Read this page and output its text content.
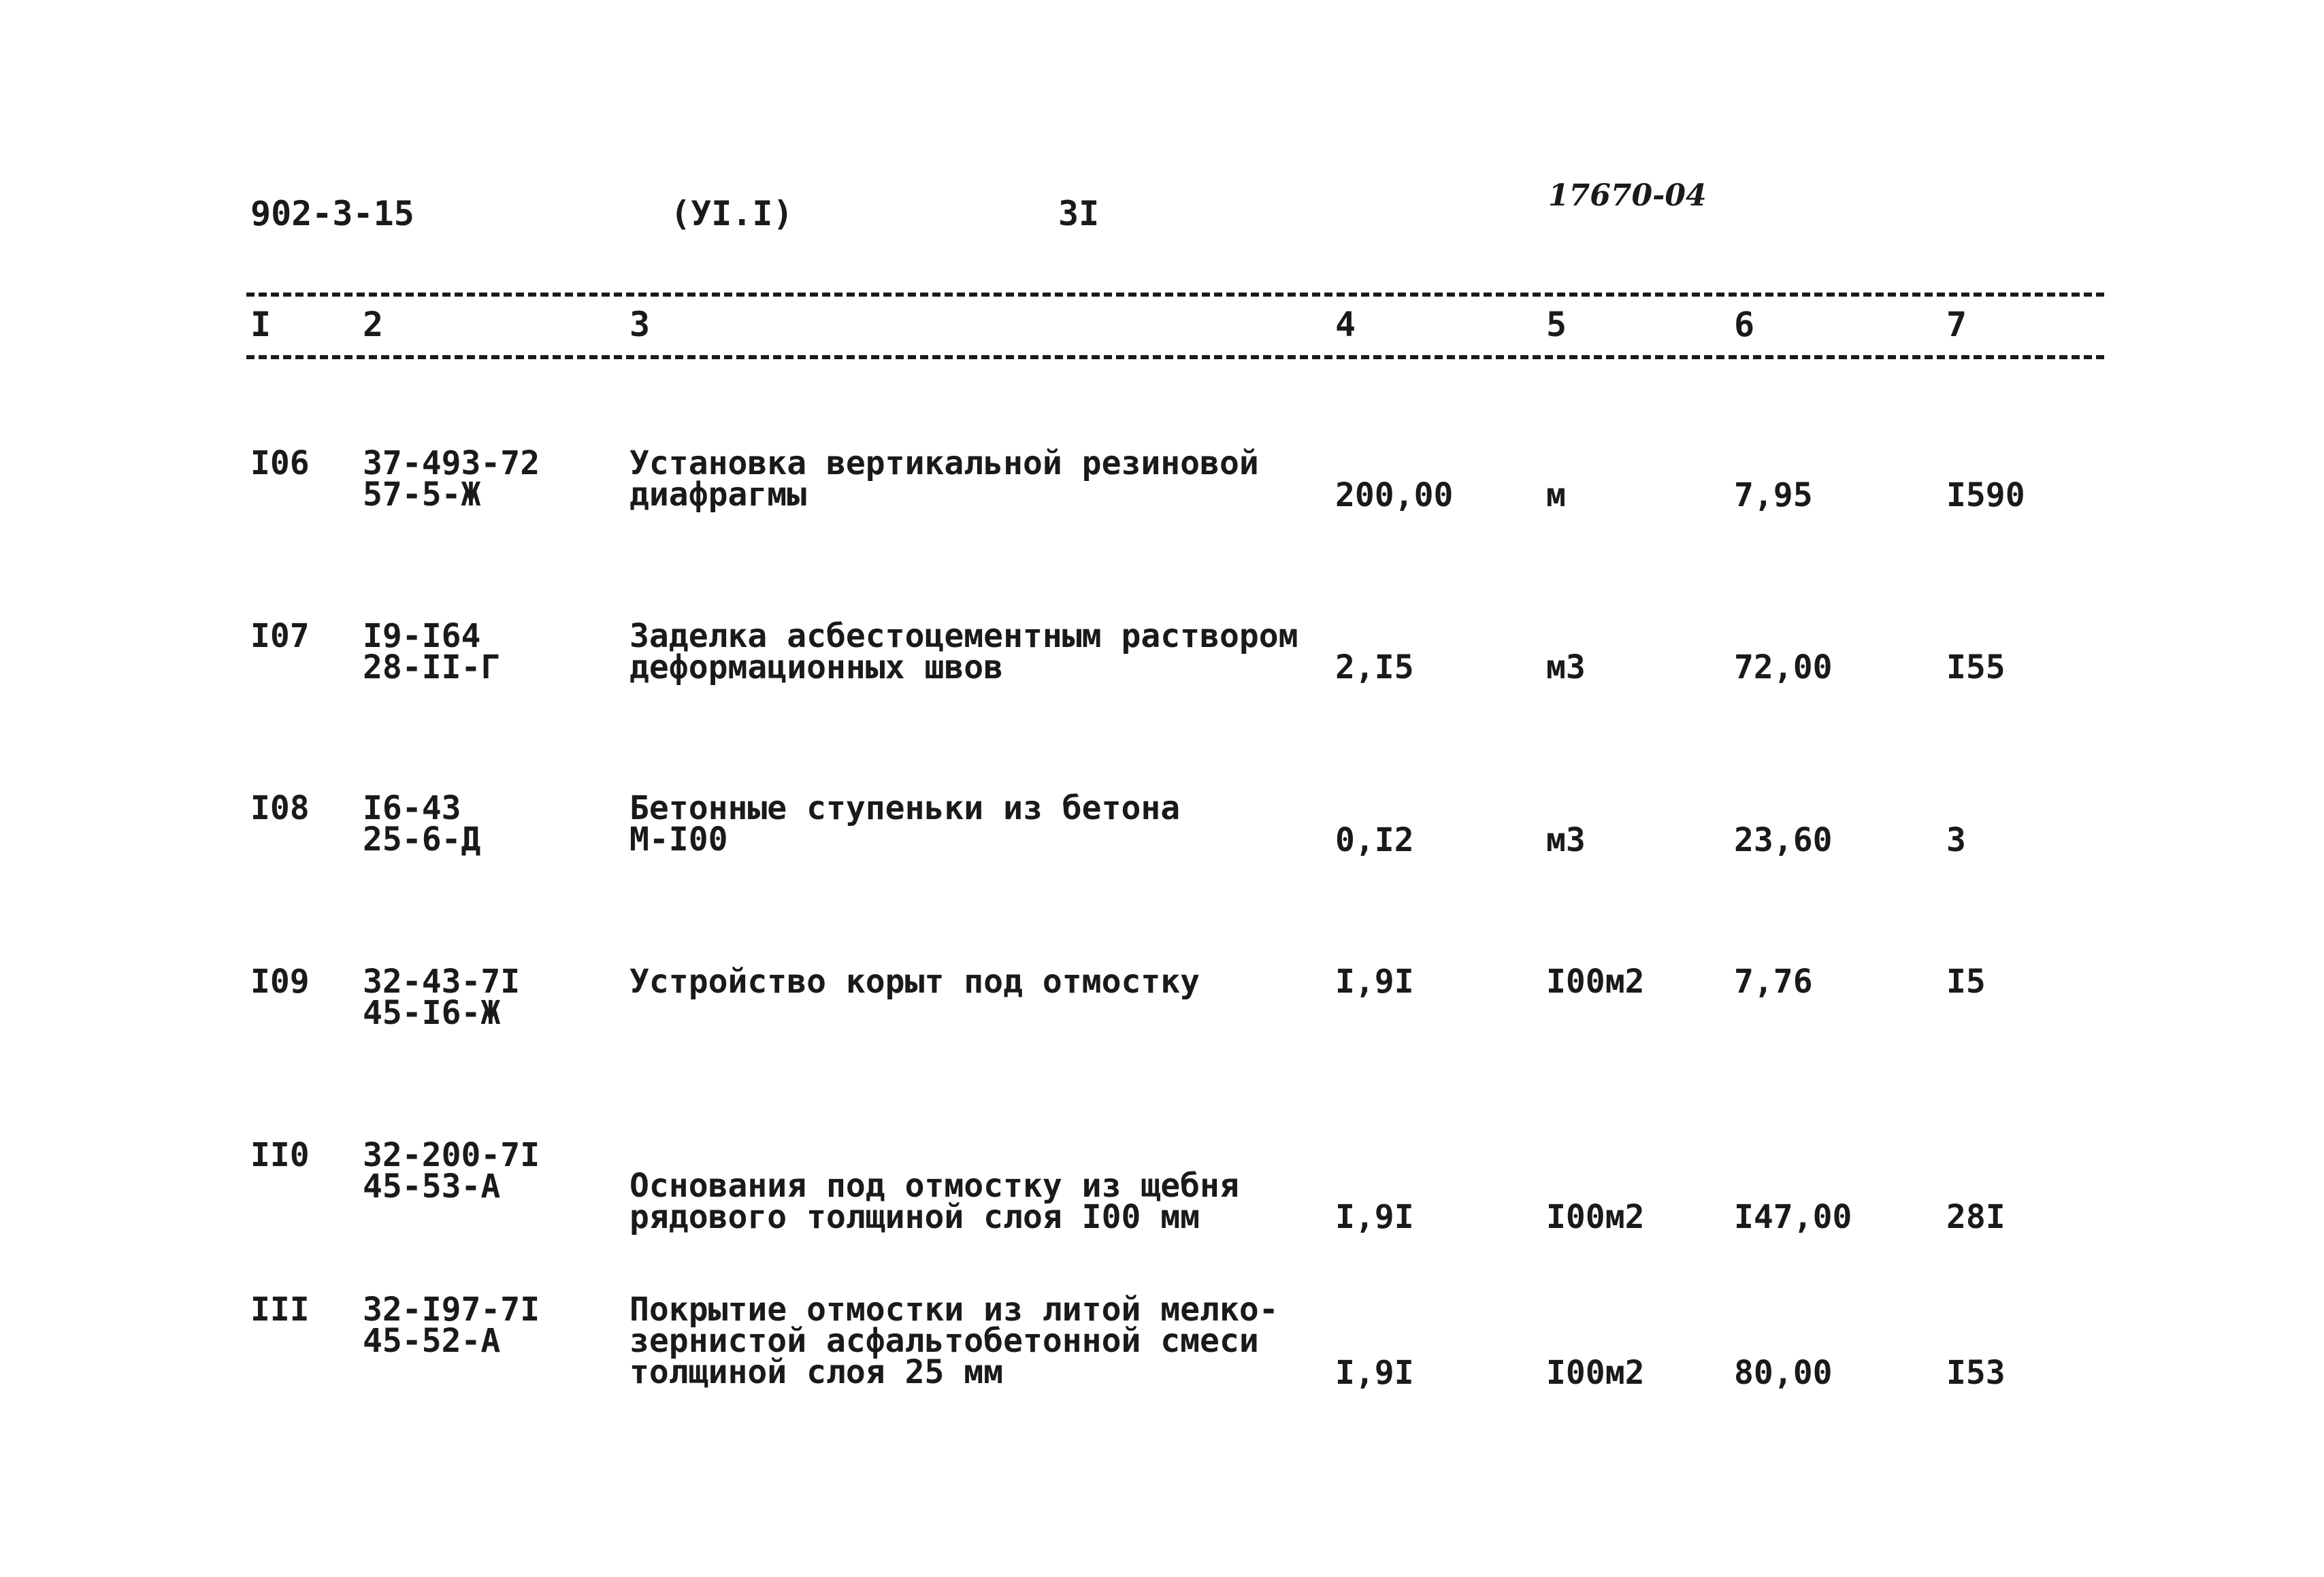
902-3-15	(УI.I)	3I	17670-04
I	2	3	4	5	6	7
I06 37-493-72
57-5-Ж
Установка вертикальной резиновой
диафрагмы	200,00	м	7,95	I590
I07 I9-I64
28-II-Г
Заделка асбестоцементным раствором
деформационных швов	2,I5	м3	72,00	I55
I08 I6-43
25-6-Д
Бетонные ступеньки из бетона
М-I00	0,I2	м3	23,60	3
I09 32-43-7I
45-I6-Ж
Устройство корыт под отмостку	I,9I	I00м2	7,76	I5
II0 32-200-7I
45-53-А	Основания под отмостку из щебня
рядового толщиной слоя I00 мм	I,9I	I00м2	I47,00	28I
III 32-I97-7I
45-52-А
Покрытие отмостки из литой мелко-
зернистой асфальтобетонной смеси
толщиной слоя 25 мм	I,9I	I00м2	80,00	I53
